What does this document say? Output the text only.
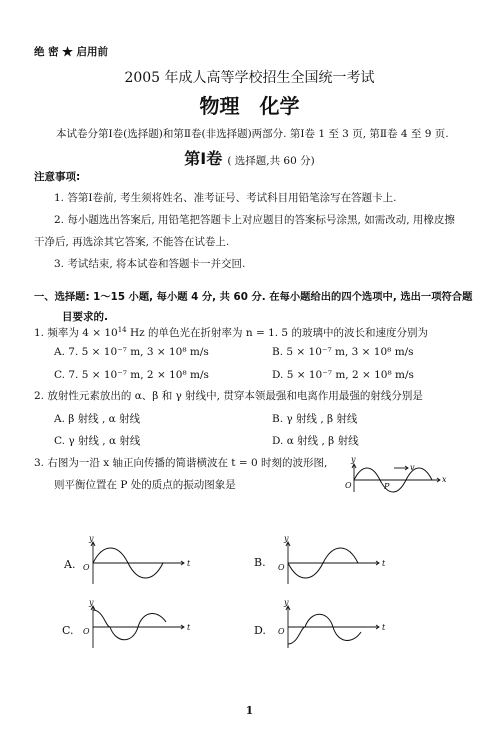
绝 密 ★ 启用前
2005 年成人高等学校招生全国统一考试
物理　化学
本试卷分第Ⅰ卷(选择题)和第Ⅱ卷(非选择题)两部分. 第Ⅰ卷 1 至 3 页, 第Ⅱ卷 4 至 9 页.
第Ⅰ卷 ( 选择题,共 60 分)
注意事项:
1. 答第Ⅰ卷前, 考生须将姓名、准考证号、考试科目用铅笔涂写在答题卡上.
2. 每小题选出答案后, 用铅笔把答题卡上对应题目的答案标号涂黑, 如需改动, 用橡皮擦
干净后, 再选涂其它答案, 不能答在试卷上.
3. 考试结束, 将本试卷和答题卡一并交回.
一、选择题: 1～15 小题, 每小题 4 分, 共 60 分. 在每小题给出的四个选项中, 选出一项符合题
目要求的.
1. 频率为 $4 \times 10^{14}$ Hz 的单色光在折射率为 n = 1. 5 的玻璃中的波长和速度分别为
A. 7. 5 × 10⁻⁷ m, 3 × 10⁸ m/s	B. 5 × 10⁻⁷ m, 3 × 10⁸ m/s
C. 7. 5 × 10⁻⁷ m, 2 × 10⁸ m/s	D. 5 × 10⁻⁷ m, 2 × 10⁸ m/s
2. 放射性元素放出的 α、β 和 γ 射线中, 贯穿本领最强和电离作用最强的射线分别是
A. β 射线 , α 射线	B. γ 射线 , β 射线
C. γ 射线 , α 射线	D. α 射线 , β 射线
3. 右图为一沿 x 轴正向传播的简谐横波在 t = 0 时刻的波形图,
则平衡位置在 P 处的质点的振动图象是
y
x
v
P
O
A.
y
O	t	B.
y
O	t
C.
y
O	t	D.
y
O	t
1
